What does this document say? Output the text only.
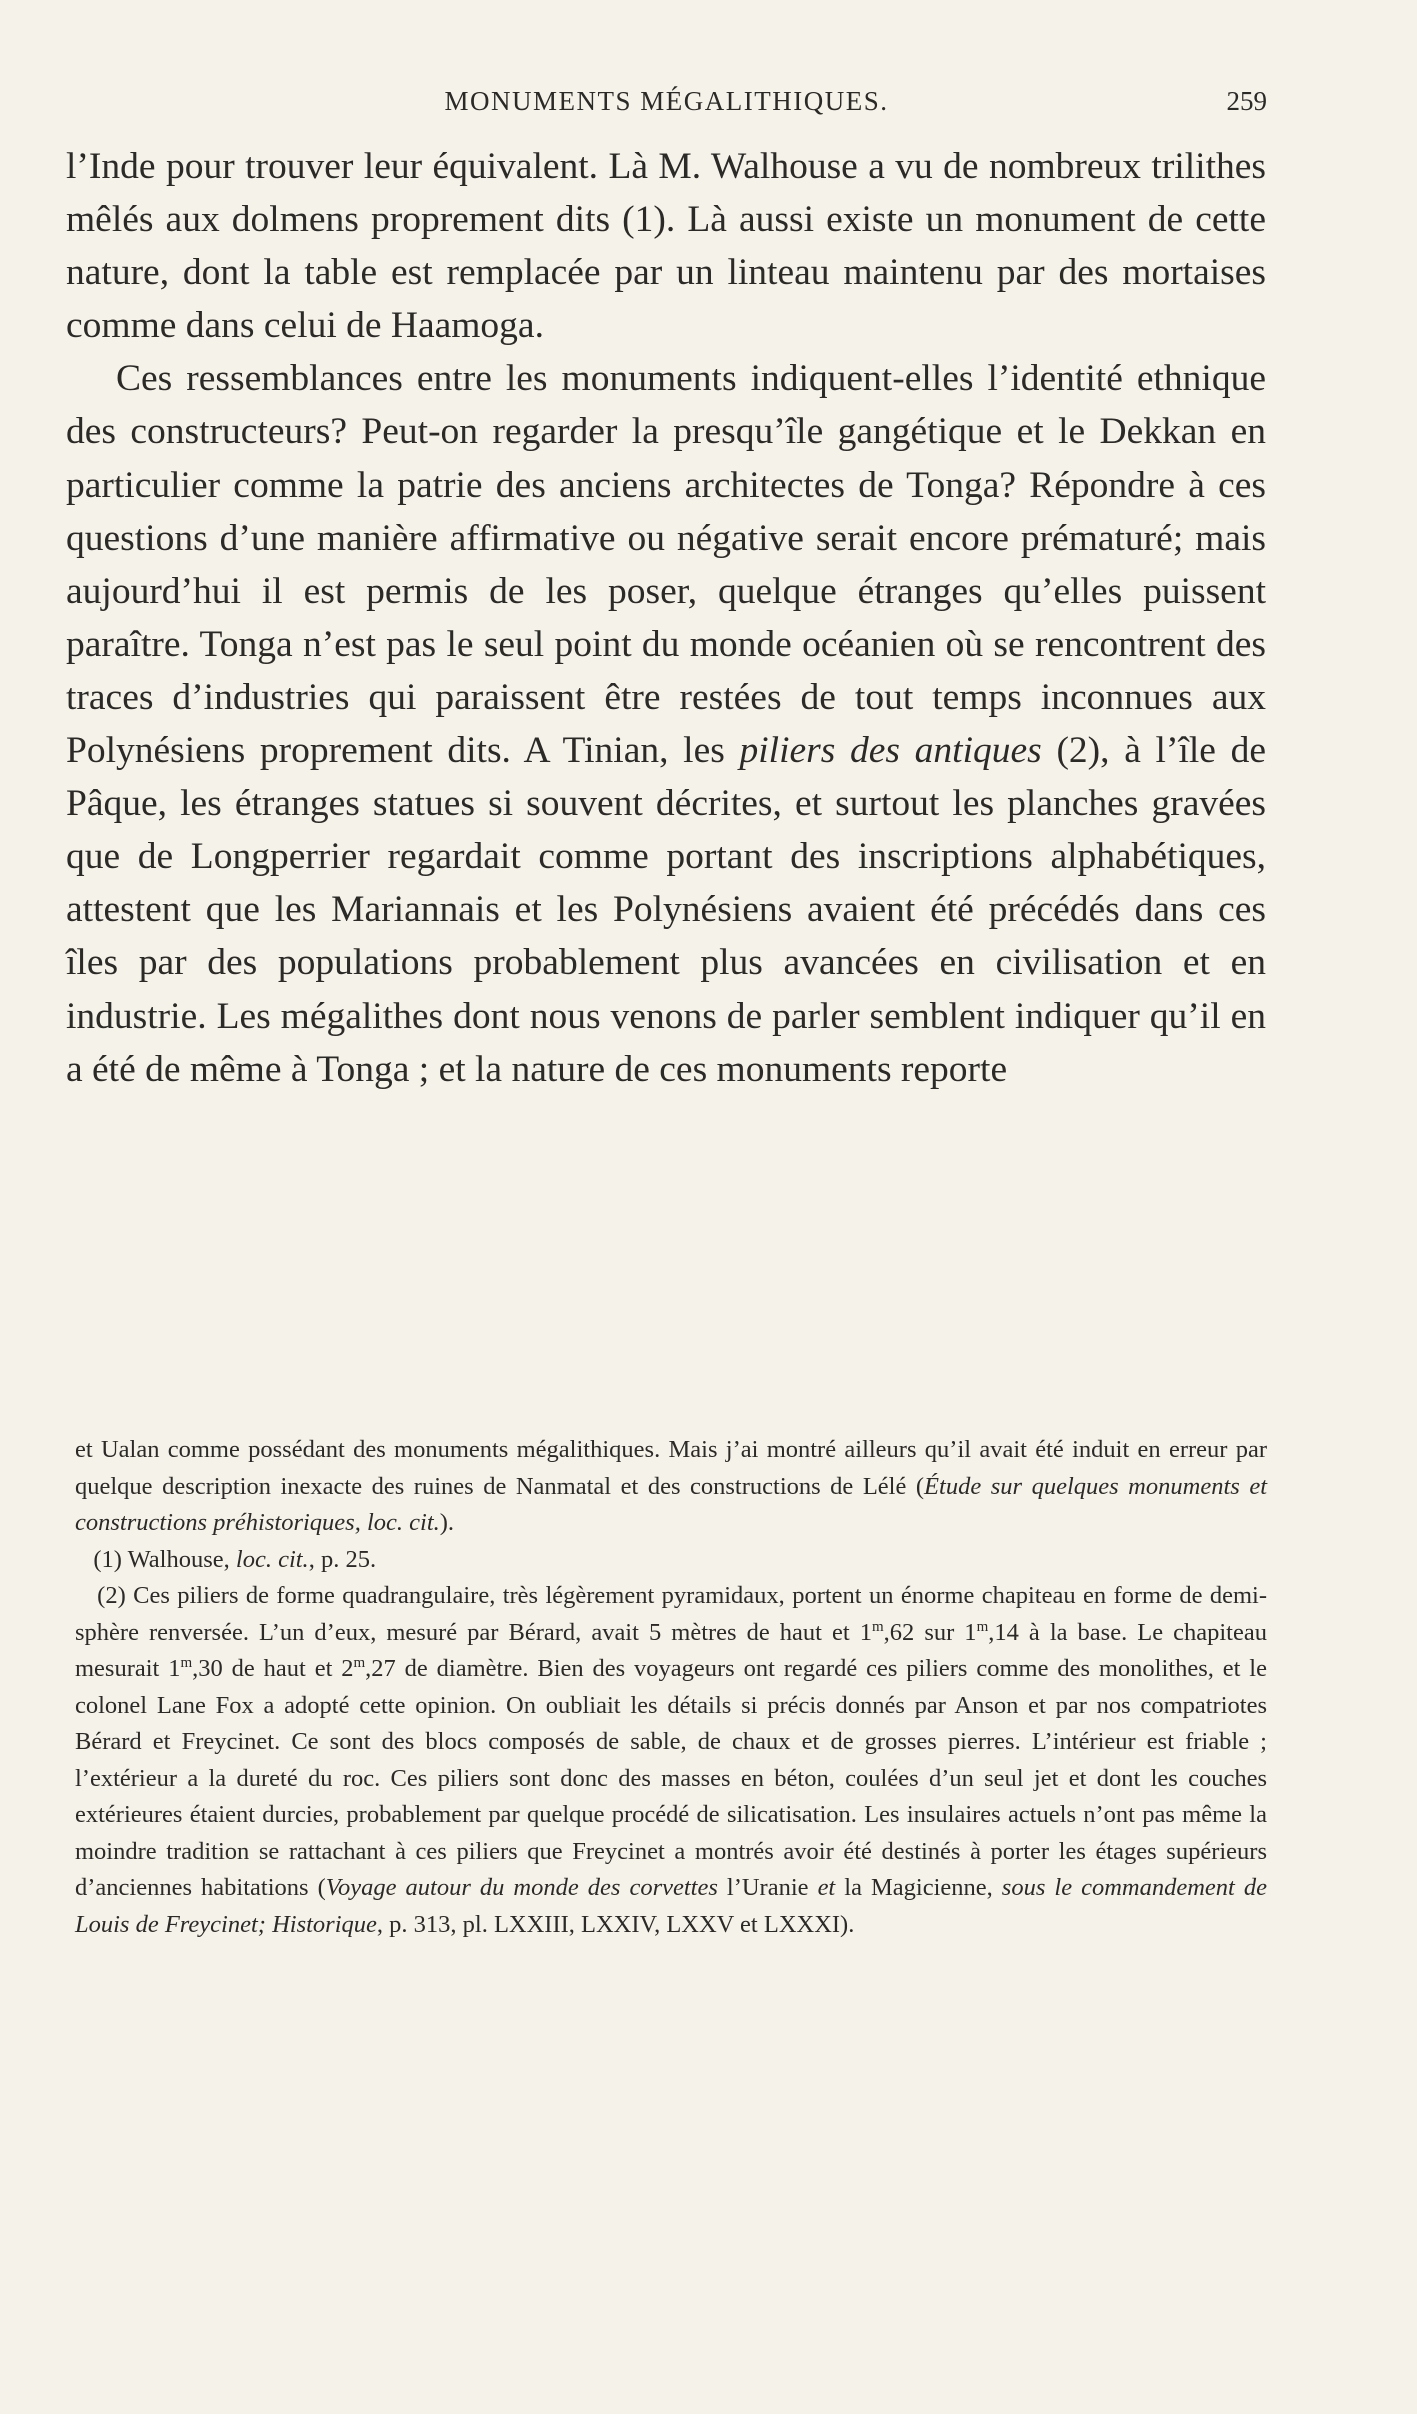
MONUMENTS MÉGALITHIQUES.	259

l’Inde pour trouver leur équivalent. Là M. Walhouse a vu de nombreux trilithes mêlés aux dolmens proprement dits (1). Là aussi existe un monument de cette nature, dont la table est remplacée par un linteau maintenu par des mortaises comme dans celui de Haamoga.

Ces ressemblances entre les monuments indiquent-elles l’identité ethnique des constructeurs? Peut-on regarder la presqu’île gangétique et le Dekkan en particulier comme la patrie des anciens architectes de Tonga? Répondre à ces questions d’une manière affirmative ou négative serait encore prématuré; mais aujourd’hui il est permis de les poser, quelque étranges qu’elles puissent paraître. Tonga n’est pas le seul point du monde océanien où se rencontrent des traces d’industries qui paraissent être restées de tout temps inconnues aux Polynésiens proprement dits. A Tinian, les piliers des antiques (2), à l’île de Pâque, les étranges statues si souvent décrites, et surtout les planches gravées que de Longperrier regardait comme portant des inscriptions alphabétiques, attestent que les Mariannais et les Polynésiens avaient été précédés dans ces îles par des populations probablement plus avancées en civilisation et en industrie. Les mégalithes dont nous venons de parler semblent indiquer qu’il en a été de même à Tonga ; et la nature de ces monuments reporte

et Ualan comme possédant des monuments mégalithiques. Mais j’ai montré ailleurs qu’il avait été induit en erreur par quelque description inexacte des ruines de Nanmatal et des constructions de Lélé (Étude sur quelques monuments et constructions préhistoriques, loc. cit.).

(1) Walhouse, loc. cit., p. 25.

(2) Ces piliers de forme quadrangulaire, très légèrement pyramidaux, portent un énorme chapiteau en forme de demi-sphère renversée. L’un d’eux, mesuré par Bérard, avait 5 mètres de haut et 1$^m$,62 sur 1$^m$,14 à la base. Le chapiteau mesurait 1$^m$,30 de haut et 2$^m$,27 de diamètre. Bien des voyageurs ont regardé ces piliers comme des monolithes, et le colonel Lane Fox a adopté cette opinion. On oubliait les détails si précis donnés par Anson et par nos compatriotes Bérard et Freycinet. Ce sont des blocs composés de sable, de chaux et de grosses pierres. L’intérieur est friable ; l’extérieur a la dureté du roc. Ces piliers sont donc des masses en béton, coulées d’un seul jet et dont les couches extérieures étaient durcies, probablement par quelque procédé de silicatisation. Les insulaires actuels n’ont pas même la moindre tradition se rattachant à ces piliers que Freycinet a montrés avoir été destinés à porter les étages supérieurs d’anciennes habitations (Voyage autour du monde des corvettes l’Uranie et la Magicienne, sous le commandement de Louis de Freycinet; Historique, p. 313, pl. LXXIII, LXXIV, LXXV et LXXXI).
